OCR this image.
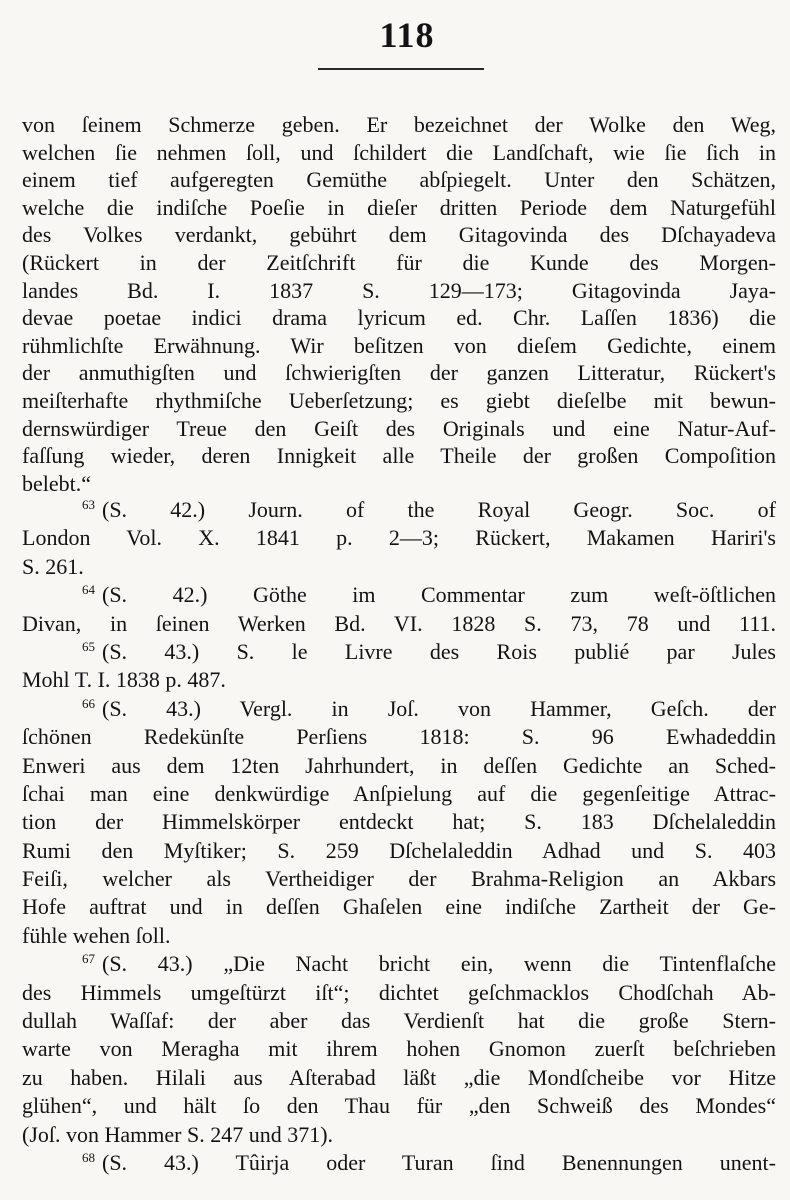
118
von ſeinem Schmerze geben. Er bezeichnet der Wolke den Weg,
welchen ſie nehmen ſoll, und ſchildert die Landſchaft, wie ſie ſich in
einem tief aufgeregten Gemüthe abſpiegelt. Unter den Schätzen,
welche die indiſche Poeſie in dieſer dritten Periode dem Naturgefühl
des Volkes verdankt, gebührt dem Gitagovinda des Dſchayadeva
(Rückert in der Zeitſchrift für die Kunde des Morgen-
landes Bd. I. 1837 S. 129—173; Gitagovinda Jaya-
devae poetae indici drama lyricum ed. Chr. Laſſen 1836) die
rühmlichſte Erwähnung. Wir beſitzen von dieſem Gedichte, einem
der anmuthigſten und ſchwierigſten der ganzen Litteratur, Rückert's
meiſterhafte rhythmiſche Ueberſetzung; es giebt dieſelbe mit bewun-
dernswürdiger Treue den Geiſt des Originals und eine Natur-Auf-
faſſung wieder, deren Innigkeit alle Theile der großen Compoſition
belebt.“
$^{63}$ (S. 42.) Journ. of the Royal Geogr. Soc. of
London Vol. X. 1841 p. 2—3; Rückert, Makamen Hariri's
S. 261.
$^{64}$ (S. 42.) Göthe im Commentar zum weſt-öſtlichen
Divan, in ſeinen Werken Bd. VI. 1828 S. 73, 78 und 111.
$^{65}$ (S. 43.) S. le Livre des Rois publié par Jules
Mohl T. I. 1838 p. 487.
$^{66}$ (S. 43.) Vergl. in Joſ. von Hammer, Geſch. der
ſchönen Redekünſte Perſiens 1818: S. 96 Ewhadeddin
Enweri aus dem 12ten Jahrhundert, in deſſen Gedichte an Sched-
ſchai man eine denkwürdige Anſpielung auf die gegenſeitige Attrac-
tion der Himmelskörper entdeckt hat; S. 183 Dſchelaleddin
Rumi den Myſtiker; S. 259 Dſchelaleddin Adhad und S. 403
Feiſi, welcher als Vertheidiger der Brahma-Religion an Akbars
Hofe auftrat und in deſſen Ghaſelen eine indiſche Zartheit der Ge-
fühle wehen ſoll.
$^{67}$ (S. 43.) „Die Nacht bricht ein, wenn die Tintenflaſche
des Himmels umgeſtürzt iſt“; dichtet geſchmacklos Chodſchah Ab-
dullah Waſſaf: der aber das Verdienſt hat die große Stern-
warte von Meragha mit ihrem hohen Gnomon zuerſt beſchrieben
zu haben. Hilali aus Aſterabad läßt „die Mondſcheibe vor Hitze
glühen“, und hält ſo den Thau für „den Schweiß des Mondes“
(Joſ. von Hammer S. 247 und 371).
$^{68}$ (S. 43.) Tûirja oder Turan ſind Benennungen unent-
